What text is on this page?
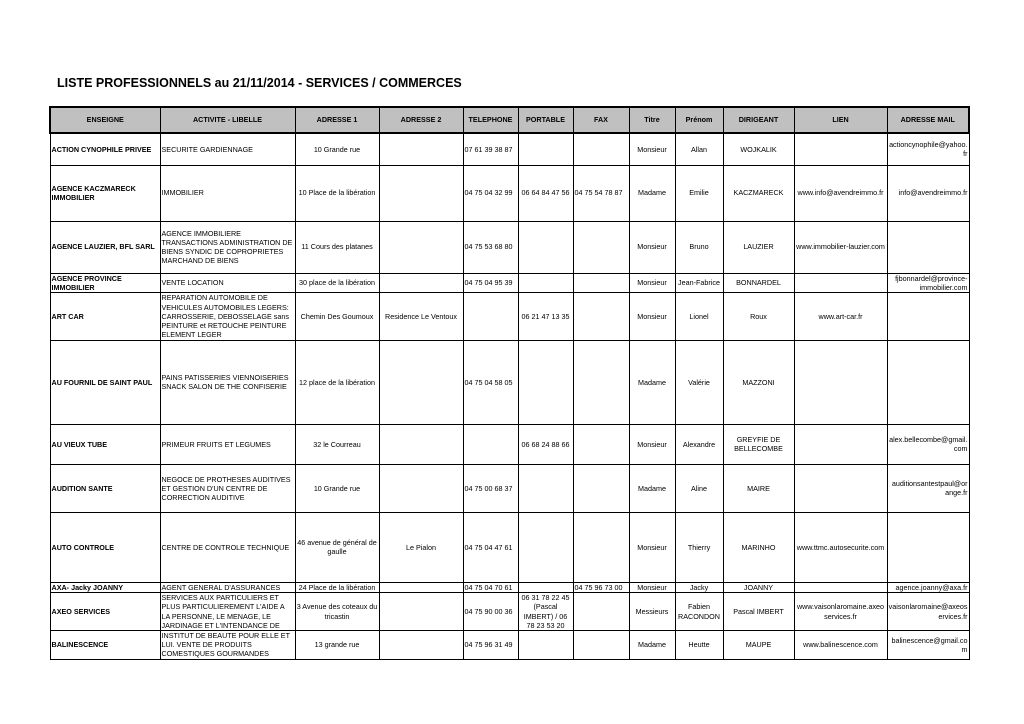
LISTE PROFESSIONNELS au 21/11/2014 - SERVICES / COMMERCES
ENSEIGNE	ACTIVITE - LIBELLE	ADRESSE 1	ADRESSE 2	TELEPHONE	PORTABLE	FAX	Titre	Prénom	DIRIGEANT	LIEN	ADRESSE MAIL
ACTION CYNOPHILE PRIVEE	SECURITE GARDIENNAGE	10 Grande rue		07 61 39 38 87			Monsieur	Allan	WOJKALIK		actioncynophile@yahoo.fr
AGENCE KACZMARECK IMMOBILIER	IMMOBILIER	10 Place de la libération		04 75 04 32 99	06 64 84 47 56	04 75 54 78 87	Madame	Emilie	KACZMARECK	www.info@avendreimmo.fr	info@avendreimmo.fr
AGENCE LAUZIER, BFL SARL	AGENCE IMMOBILIERE TRANSACTIONS ADMINISTRATION DE BIENS SYNDIC DE COPROPRIETES MARCHAND DE BIENS	11 Cours des platanes		04 75 53 68 80			Monsieur	Bruno	LAUZIER	www.immobilier-lauzier.com	
AGENCE PROVINCE IMMOBILIER	VENTE LOCATION	30 place de la libération		04 75 04 95 39			Monsieur	Jean-Fabrice	BONNARDEL		fjbonnardel@province-immobilier.com
ART CAR	REPARATION AUTOMOBILE DE VEHICULES AUTOMOBILES LEGERS: CARROSSERIE, DEBOSSELAGE sans PEINTURE et RETOUCHE PEINTURE ELEMENT LEGER	Chemin Des Goumoux	Residence Le Ventoux		06 21 47 13 35		Monsieur	Lionel	Roux	www.art-car.fr	
AU FOURNIL DE SAINT PAUL	PAINS PATISSERIES VIENNOISERIES SNACK SALON DE THE CONFISERIE	12 place de la libération		04 75 04 58 05			Madame	Valérie	MAZZONI		
AU VIEUX TUBE	PRIMEUR FRUITS ET LEGUMES	32 le Courreau			06 68 24 88 66		Monsieur	Alexandre	GREYFIE DE BELLECOMBE		alex.bellecombe@gmail.com
AUDITION SANTE	NEGOCE DE PROTHESES AUDITIVES ET GESTION D'UN CENTRE DE CORRECTION AUDITIVE	10 Grande rue		04 75 00 68 37			Madame	Aline	MAIRE		auditionsantestpaul@orange.fr
AUTO CONTROLE	CENTRE DE CONTROLE TECHNIQUE	46 avenue de général de gaulle	Le Pialon	04 75 04 47 61			Monsieur	Thierry	MARINHO	www.ttmc.autosecurite.com	
AXA- Jacky JOANNY	AGENT GENERAL D'ASSURANCES	24 Place de la libération		04 75 04 70 61		04 75 96 73 00	Monsieur	Jacky	JOANNY		agence.joanny@axa.fr
AXEO SERVICES	SERVICES AUX PARTICULIERS ET PLUS PARTICULIEREMENT L'AIDE A LA PERSONNE, LE MENAGE, LE JARDINAGE ET L'INTENDANCE DE	3 Avenue des coteaux du tricastin		04 75 90 00 36	06 31 78 22 45 (Pascal IMBERT) / 06 78 23 53 20		Messieurs	Fabien RACONDON	Pascal IMBERT	www.vaisonlaromaine.axeoservices.fr	vaisonlaromaine@axeoservices.fr
BALINESCENCE	INSTITUT DE BEAUTE POUR ELLE ET LUI. VENTE DE PRODUITS COMESTIQUES GOURMANDES	13 grande rue		04 75 96 31 49			Madame	Heutte	MAUPE	www.balinescence.com	balinescence@gmail.com
